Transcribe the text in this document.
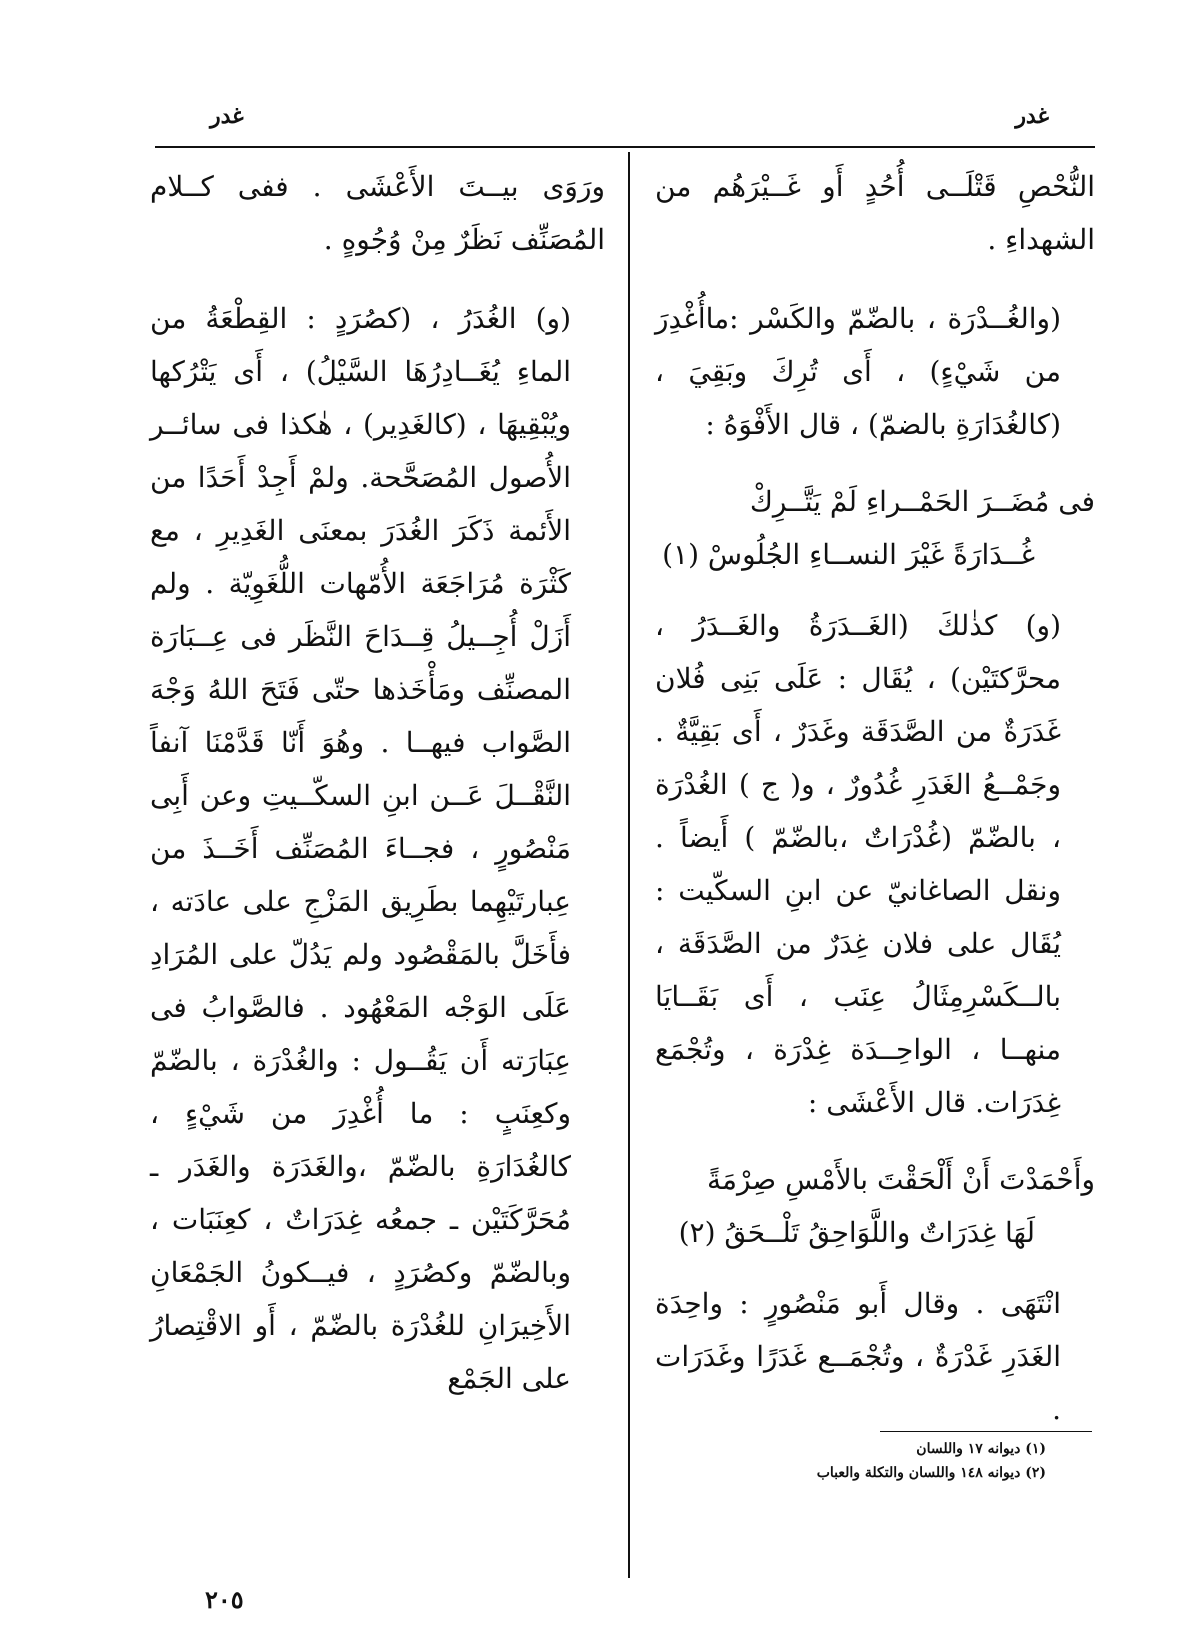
غدر
غدر

النُّحْصِ قَتْلَــى أُحُدٍ أَو غَــيْرَهُم من الشهداءِ .

(والغُــدْرَة ، بالضّمّ والكَسْر :ماأُغْدِرَ من شَيْءٍ) ، أَى تُرِكَ وبَقِيَ ، (كالغُدَارَةِ بالضمّ) ، قال الأَفْوَهُ :

فى مُضَــرَ الحَمْــراءِ لَمْ يَتَّــرِكْ
غُــدَارَةً غَيْرَ النســاءِ الجُلُوسْ (١)

(و) كذٰلكَ (الغَــدَرَةُ والغَــدَرُ ، محرَّكتَيْن) ، يُقَال : عَلَى بَنِى فُلان غَدَرَةٌ من الصَّدَقَة وغَدَرٌ ، أَى بَقِيَّةٌ . وجَمْــعُ الغَدَرِ غُدُورٌ ، و( ج ) الغُدْرَة ، بالضّمّ (غُدْرَاتٌ ،بالضّمّ ) أَيضاً . ونقل الصاغانيّ عن ابنِ السكّيت : يُقَال على فلان غِدَرٌ من الصَّدَقَة ، بالــكَسْرِمِثَالُ عِنَب ، أَى بَقَــايَا منهــا ، الواحِــدَة غِدْرَة ، وتُجْمَع غِدَرَات. قال الأَعْشَى :

وأَحْمَدْتَ أَنْ أَلْحَقْتَ بالأَمْسِ صِرْمَةً
لَهَا غِدَرَاتٌ واللَّوَاحِقُ تَلْــحَقُ (٢)

انْتَهَى . وقال أَبو مَنْصُورٍ : واحِدَة الغَدَرِ غَدْرَةٌ ، وتُجْمَــع غَدَرًا وغَدَرَات .

ورَوَى بيــتَ الأَعْشَى . ففى كــلام المُصَنِّف نَظَرٌ مِنْ وُجُوهٍ .

(و) الغُدَرُ ، (كصُرَدٍ : القِطْعَةُ من الماءِ يُغَــادِرُهَا السَّيْلُ) ، أَى يَتْرُكها ويُبْقِيهَا ، (كالغَدِير) ، هٰكذا فى سائــر الأُصول المُصَحَّحة. ولمْ أَجِدْ أَحَدًا من الأَئمة ذَكَرَ الغُدَرَ بمعنَى الغَدِيرِ ، مع كَثْرَة مُرَاجَعَة الأُمّهات اللُّغَوِيّة . ولم أَزَلْ أُجِــيلُ قِــدَاحَ النَّظَر فى عِــبَارَة المصنِّف ومَأْخَذها حتّى فَتَحَ اللهُ وَجْهَ الصَّواب فيهــا . وهُوَ أَنّا قَدَّمْنَا آنفاً النَّقْــلَ عَــن ابنِ السكّــيتِ وعن أَبِى مَنْصُورٍ ، فجــاءَ المُصَنِّف أَخَــذَ من عِبارتَيْهِما بطَرِيق المَزْجِ على عادَته ، فأَخَلَّ بالمَقْصُود ولم يَدُلّ على المُرَادِ عَلَى الوَجْه المَعْهُود . فالصَّوابُ فى عِبَارَته أَن يَقُــول : والغُدْرَة ، بالضّمّ وكعِنَبٍ : ما أُغْدِرَ من شَيْءٍ ، كالغُدَارَةِ بالضّمّ ،والغَدَرَة والغَدَر ـ مُحَرَّكَتَيْن ـ جمعُه غِدَرَاتٌ ، كعِنَبَات ، وبالضّمّ وكصُرَدٍ ، فيــكونُ الجَمْعَانِ الأَخِيرَانِ للغُدْرَة بالضّمّ ، أَو الاقْتِصارُ على الجَمْع

(١) ديوانه ١٧ واللسان
(٢) ديوانه ١٤٨ واللسان والتكلة والعباب
٢٠٥
